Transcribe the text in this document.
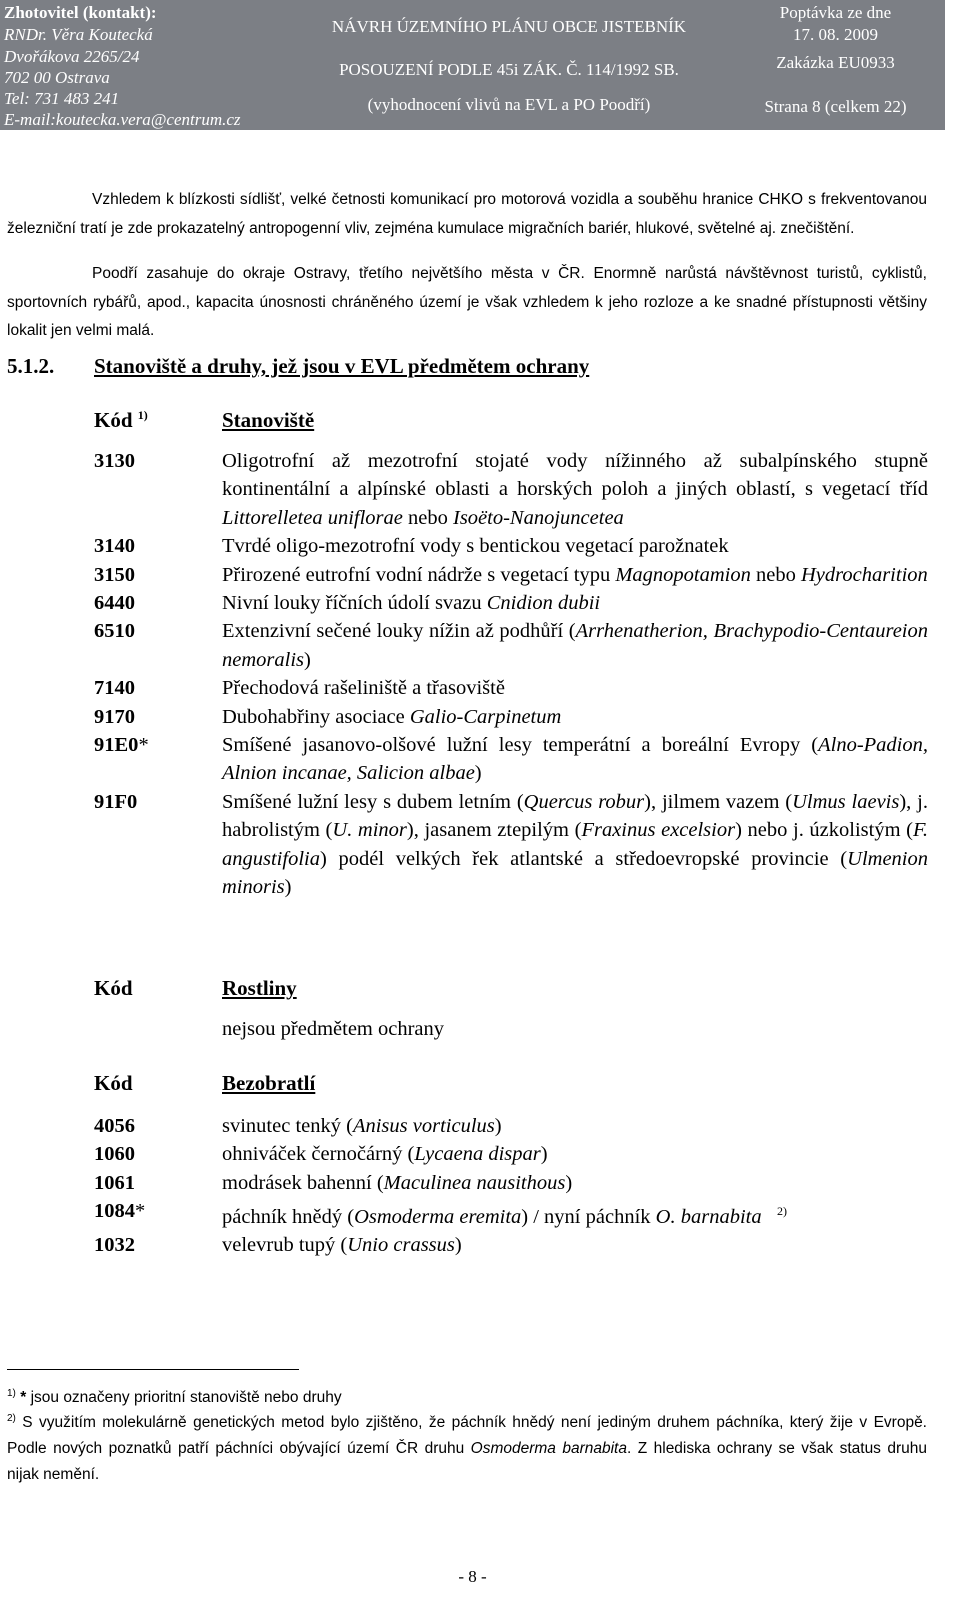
Zhotovitel (kontakt):
RNDr. Věra Koutecká
Dvořákova 2265/24
702 00 Ostrava
Tel: 731 483 241
E-mail:koutecka.vera@centrum.cz
NÁVRH ÚZEMNÍHO PLÁNU OBCE JISTEBNÍK
POSOUZENÍ PODLE 45i ZÁK. Č. 114/1992 SB.
(vyhodnocení vlivů na EVL a PO Poodří)
Poptávka ze dne
17. 08. 2009
Zakázka EU0933
Strana 8 (celkem 22)
Vzhledem k blízkosti sídlišť, velké četnosti komunikací pro motorová vozidla a souběhu hranice CHKO s frekventovanou železniční tratí je zde prokazatelný antropogenní vliv, zejména kumulace migračních bariér, hlukové, světelné aj. znečištění.
Poodří zasahuje do okraje Ostravy, třetího největšího města v ČR. Enormně narůstá návštěvnost turistů, cyklistů, sportovních rybářů, apod., kapacita únosnosti chráněného území je však vzhledem k jeho rozloze a ke snadné přístupnosti většiny lokalit jen velmi malá.
5.1.2. Stanoviště a druhy, jež jsou v EVL předmětem ochrany
Kód $^{1)}$	Stanoviště
3130	Oligotrofní až mezotrofní stojaté vody nížinného až subalpínského stupně kontinentální a alpínské oblasti a horských poloh a jiných oblastí, s vegetací tříd Littorelletea uniflorae nebo Isoëto-Nanojuncetea
3140	Tvrdé oligo-mezotrofní vody s bentickou vegetací parožnatek
3150	Přirozené eutrofní vodní nádrže s vegetací typu Magnopotamion nebo Hydrocharition
6440	Nivní louky říčních údolí svazu Cnidion dubii
6510	Extenzivní sečené louky nížin až podhůří (Arrhenatherion, Brachypodio-Centaureion nemoralis)
7140	Přechodová rašeliniště a třasoviště
9170	Dubohabřiny asociace Galio-Carpinetum
91E0*	Smíšené jasanovo-olšové lužní lesy temperátní a boreální Evropy (Alno-Padion, Alnion incanae, Salicion albae)
91F0	Smíšené lužní lesy s dubem letním (Quercus robur), jilmem vazem (Ulmus laevis), j. habrolistým (U. minor), jasanem ztepilým (Fraxinus excelsior) nebo j. úzkolistým (F. angustifolia) podél velkých řek atlantské a středoevropské provincie (Ulmenion minoris)
Kód	Rostliny
nejsou předmětem ochrany
Kód	Bezobratlí
4056	svinutec tenký (Anisus vorticulus)
1060	ohniváček černočárný (Lycaena dispar)
1061	modrásek bahenní (Maculinea nausithous)
1084*	páchník hnědý (Osmoderma eremita) / nyní páchník O. barnabita $^{2)}$
1032	velevrub tupý (Unio crassus)
$^{1)}$ * jsou označeny prioritní stanoviště nebo druhy
$^{2)}$ S využitím molekulárně genetických metod bylo zjištěno, že páchník hnědý není jediným druhem páchníka, který žije v Evropě. Podle nových poznatků patří páchníci obývající území ČR druhu Osmoderma barnabita. Z hlediska ochrany se však status druhu nijak nemění.
- 8 -
